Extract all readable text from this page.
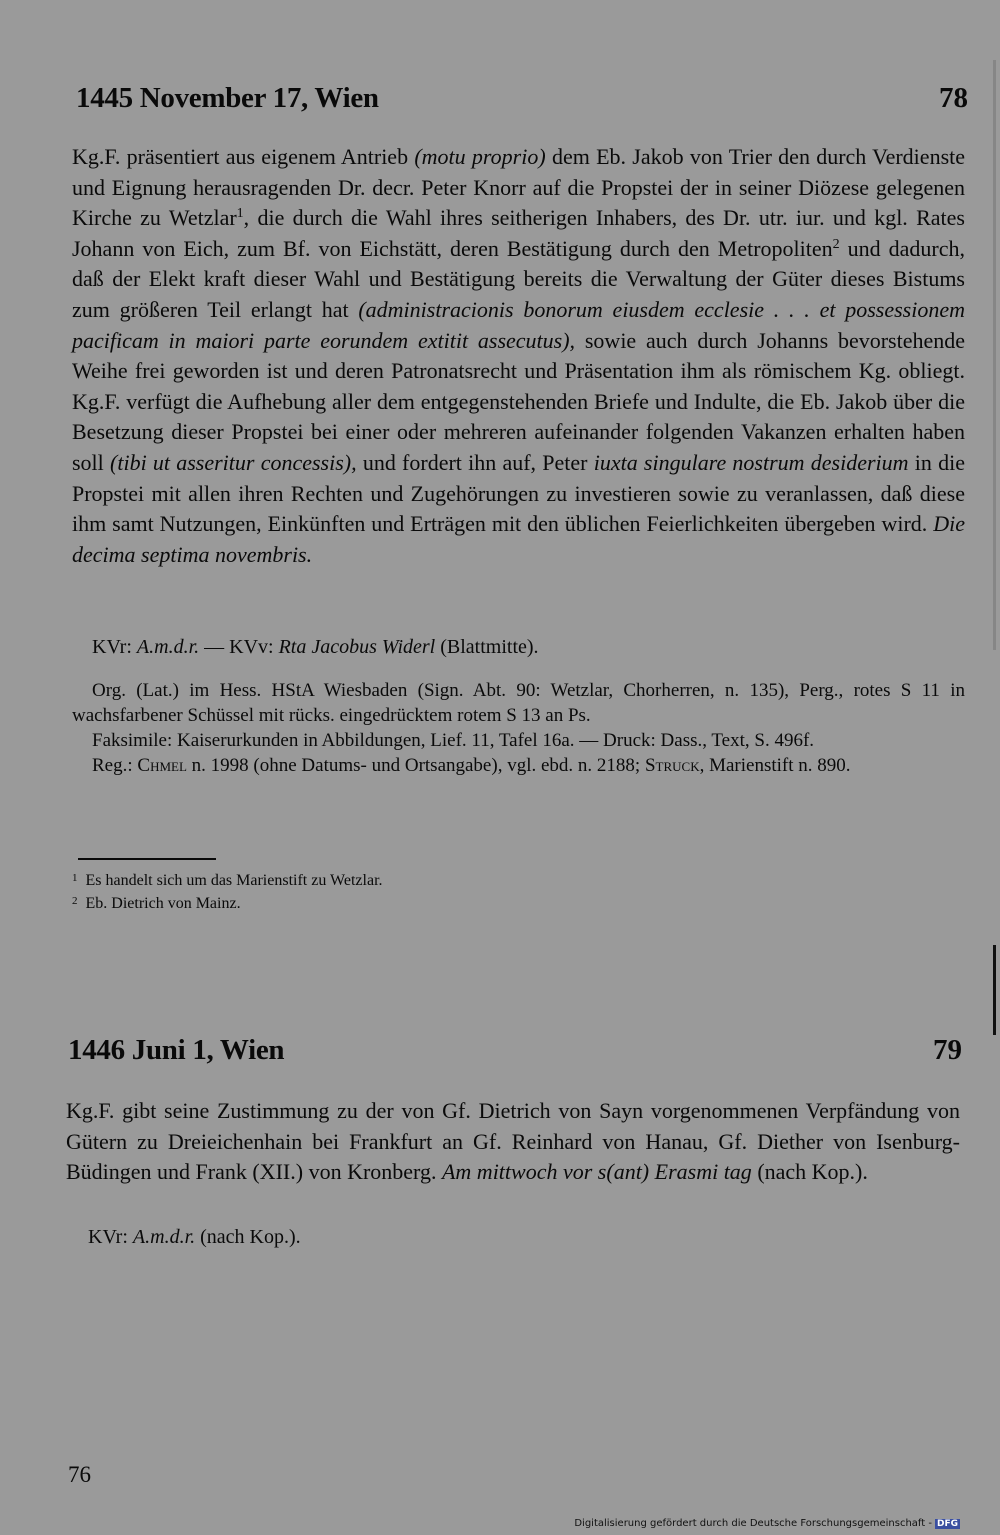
1445 November 17, Wien	78

Kg.F. präsentiert aus eigenem Antrieb (motu proprio) dem Eb. Jakob von Trier den durch Verdienste und Eignung herausragenden Dr. decr. Peter Knorr auf die Propstei der in seiner Diözese gelegenen Kirche zu Wetzlar$^1$, die durch die Wahl ihres seitherigen Inhabers, des Dr. utr. iur. und kgl. Rates Johann von Eich, zum Bf. von Eichstätt, deren Bestätigung durch den Metropoliten$^2$ und dadurch, daß der Elekt kraft dieser Wahl und Bestätigung bereits die Verwaltung der Güter dieses Bistums zum größeren Teil erlangt hat (administracionis bonorum eiusdem ecclesie . . . et possessionem pacificam in maiori parte eorundem extitit assecutus), sowie auch durch Johanns bevorstehende Weihe frei geworden ist und deren Patronatsrecht und Präsentation ihm als römischem Kg. obliegt. Kg.F. verfügt die Aufhebung aller dem entgegenstehenden Briefe und Indulte, die Eb. Jakob über die Besetzung dieser Propstei bei einer oder mehreren aufeinander folgenden Vakanzen erhalten haben soll (tibi ut asseritur concessis), und fordert ihn auf, Peter iuxta singulare nostrum desiderium in die Propstei mit allen ihren Rechten und Zugehörungen zu investieren sowie zu veranlassen, daß diese ihm samt Nutzungen, Einkünften und Erträgen mit den üblichen Feierlichkeiten übergeben wird. Die decima septima novembris.

KVr: A.m.d.r. — KVv: Rta Jacobus Widerl (Blattmitte).

Org. (Lat.) im Hess. HStA Wiesbaden (Sign. Abt. 90: Wetzlar, Chorherren, n. 135), Perg., rotes S 11 in wachsfarbener Schüssel mit rücks. eingedrücktem rotem S 13 an Ps.

Faksimile: Kaiserurkunden in Abbildungen, Lief. 11, Tafel 16a. — Druck: Dass., Text, S. 496f.

Reg.: Chmel n. 1998 (ohne Datums- und Ortsangabe), vgl. ebd. n. 2188; Struck, Marienstift n. 890.

$^1$ Es handelt sich um das Marienstift zu Wetzlar.
$^2$ Eb. Dietrich von Mainz.
1446 Juni 1, Wien	79

Kg.F. gibt seine Zustimmung zu der von Gf. Dietrich von Sayn vorgenommenen Verpfändung von Gütern zu Dreieichenhain bei Frankfurt an Gf. Reinhard von Hanau, Gf. Diether von Isenburg-Büdingen und Frank (XII.) von Kronberg. Am mittwoch vor s(ant) Erasmi tag (nach Kop.).

KVr: A.m.d.r. (nach Kop.).
76
Digitalisierung gefördert durch die Deutsche Forschungsgemeinschaft - DFG
